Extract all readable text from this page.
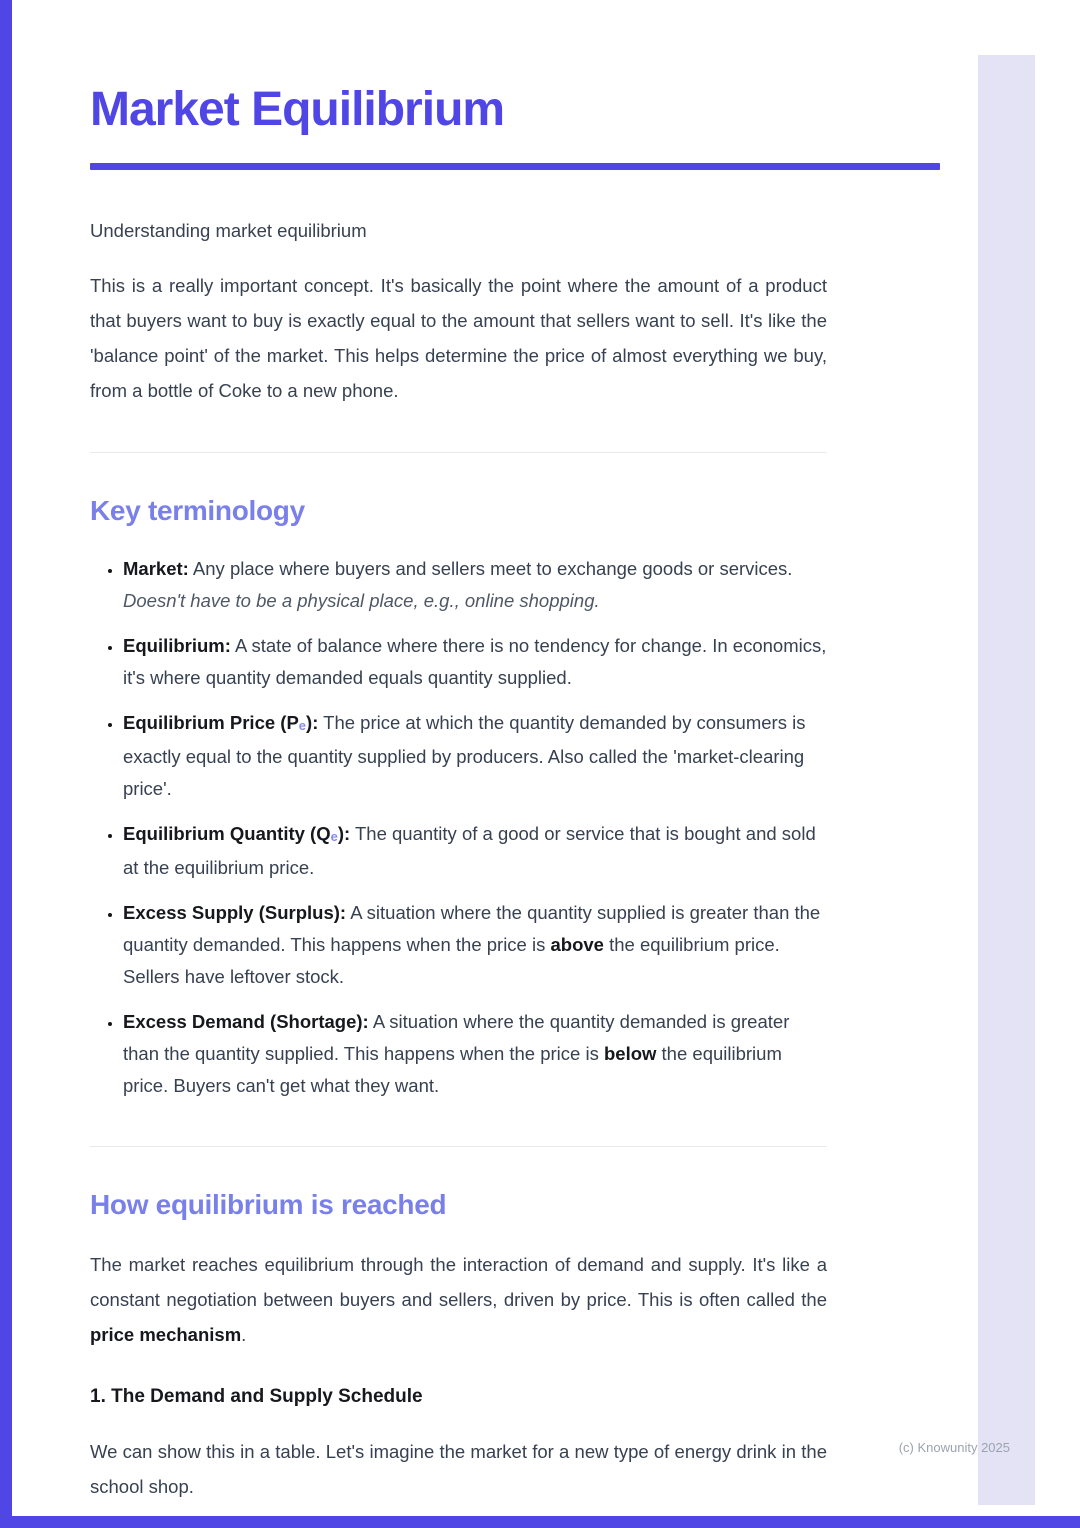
Market Equilibrium

Understanding market equilibrium

This is a really important concept. It's basically the point where the amount of a product that buyers want to buy is exactly equal to the amount that sellers want to sell. It's like the 'balance point' of the market. This helps determine the price of almost everything we buy, from a bottle of Coke to a new phone.

Key terminology
• Market: Any place where buyers and sellers meet to exchange goods or services. Doesn't have to be a physical place, e.g., online shopping.
• Equilibrium: A state of balance where there is no tendency for change. In economics, it's where quantity demanded equals quantity supplied.
• Equilibrium Price $(P_e)$: The price at which the quantity demanded by consumers is exactly equal to the quantity supplied by producers. Also called the 'market-clearing price'.
• Equilibrium Quantity $(Q_e)$: The quantity of a good or service that is bought and sold at the equilibrium price.
• Excess Supply (Surplus): A situation where the quantity supplied is greater than the quantity demanded. This happens when the price is above the equilibrium price. Sellers have leftover stock.
• Excess Demand (Shortage): A situation where the quantity demanded is greater than the quantity supplied. This happens when the price is below the equilibrium price. Buyers can't get what they want.
How equilibrium is reached

The market reaches equilibrium through the interaction of demand and supply. It's like a constant negotiation between buyers and sellers, driven by price. This is often called the price mechanism.

1. The Demand and Supply Schedule

We can show this in a table. Let's imagine the market for a new type of energy drink in the school shop.

(c) Knowunity 2025
